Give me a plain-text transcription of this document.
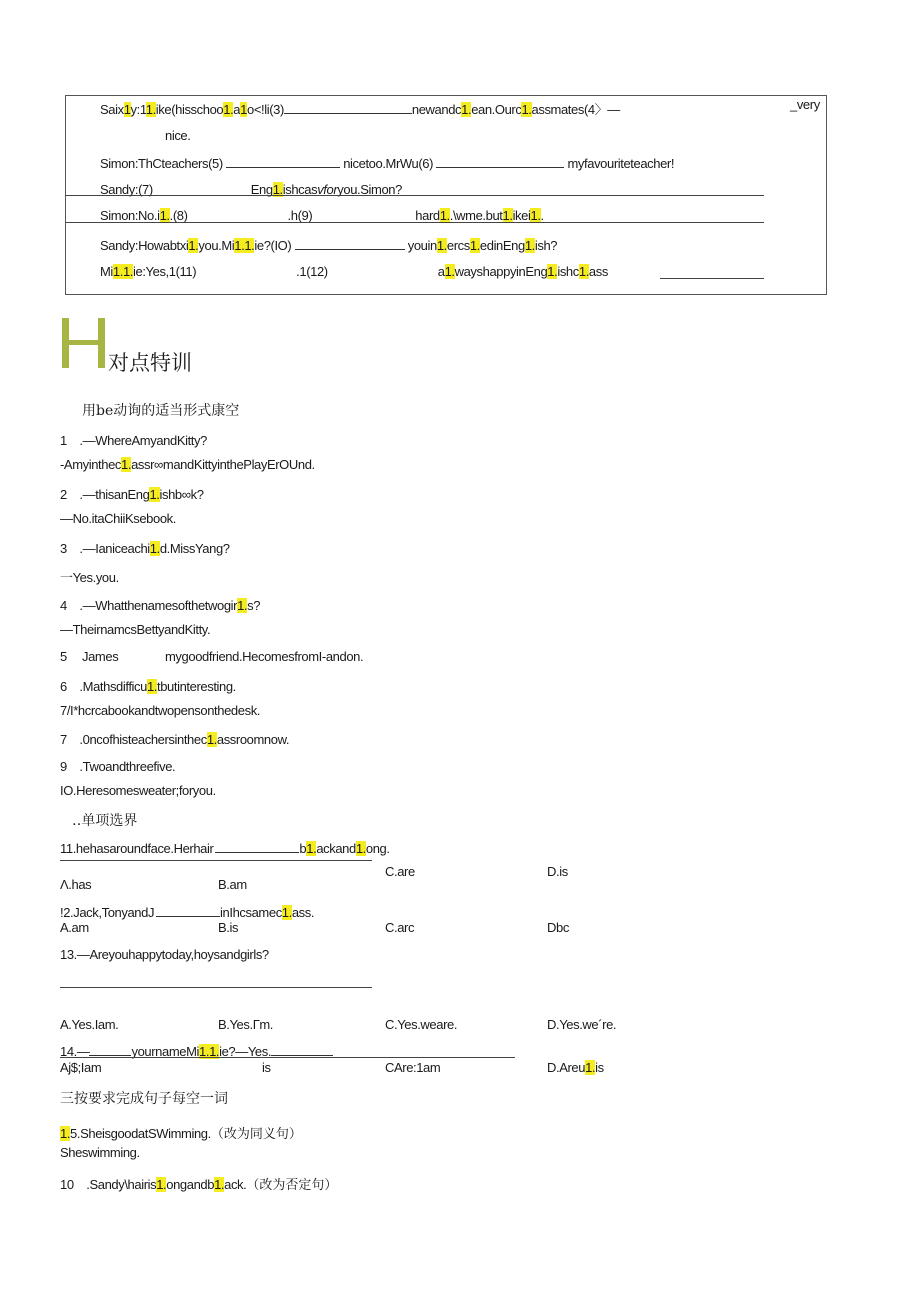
Saix1y:11.ike(hisschoo1.a1o<!li(3)	newandc1.ean.Ourc1.assmates(4〉—	_very
nice.
Simon:ThCteachers(5)	nicetoo.MrWu(6)	myfavouriteteacher!
Sandy:(7)	Eng1.ishcasvforyou.Simon?
Simon:No.i1..(8)	.h(9)	hard1..\wme.but1.ikei1..
Sandy:Howabtxi1.you.Mi1.1.ie?(IO)	youin1.ercs1.edinEng1.ish?
Mi1.1.ie:Yes,1(11)	.1(12)	a1.wayshappyinEng1.ishc1.ass
对点特训
用be动询的适当形式康空
1　.—WhereAmyandKitty?
-Amyinthec1.assr∞mandKittyinthePlayErOUnd.
2　.—thisanEng1.ishb∞k?
—No.itaChiiKsebook.
3　.—Ianiceachi1.d.MissYang?
一Yes.you.
4　.—Whatthenamesofthetwogir1.s?
—TheirnamcsBettyandKitty.
5 James	mygoodfriend.HecomesfromI-andon.
6　.Mathsdifficu1.tbutinteresting.
7/I*hcrcabookandtwopensonthedesk.
7　.0ncofhisteachersinthec1.assroomnow.
9　.Twoandthreefive.
IO.Heresomesweater;foryou.
․․单项选界
11.hehasaroundface.Herhair	b1.ackand1.ong.
C.are	D.is
Λ.has	B.am
!2.Jack,TonyandJ	inIhcsamec1.ass.
A.am	B.is	C.arc	Dbc
13.—Areyouhappytoday,hoysandgirls?
A.Yes.Iam.	B.Yes.Гm.	C.Yes.weare.	D.Yes.we´re.
14.—	yournameMi1.1.ie?—Yes.
Aj$;Iam	is	CAre:1am	D.Areu1.is
三按要求完成句子每空一词
1.5.SheisgoodatSWimming.（改为同义句）
Sheswimming.
10　.Sandy\hairis1.ongandb1.ack.（改为否定句）
